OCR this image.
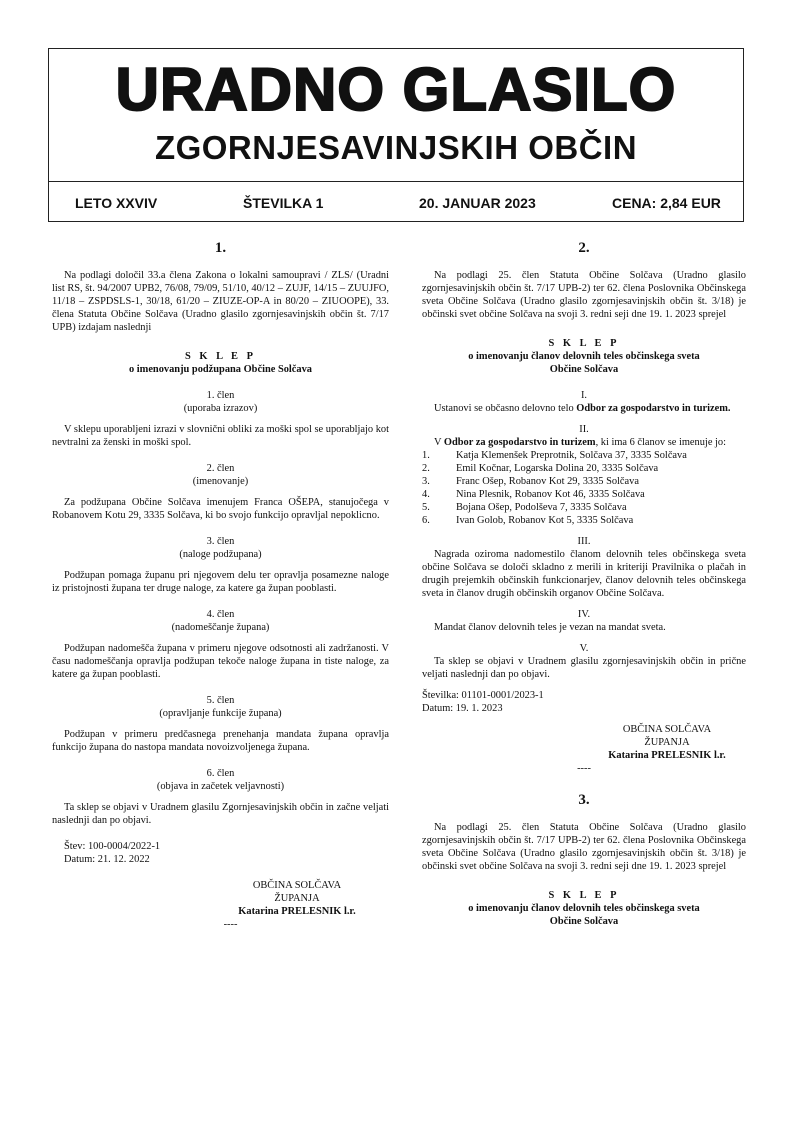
URADNO GLASILO
ZGORNJESAVINJSKIH OBČIN
LETO XXVIV	ŠTEVILKA 1	20. JANUAR 2023	CENA: 2,84 EUR
1.

Na podlagi določil 33.a člena Zakona o lokalni samoupravi / ZLS/ (Uradni list RS, št. 94/2007 UPB2, 76/08, 79/09, 51/10, 40/12 – ZUJF, 14/15 – ZUUJFO, 11/18 – ZSPDSLS-1, 30/18, 61/20 – ZIUZE-OP-A in 80/20 – ZIUOOPE), 33. člena Statuta Občine Solčava (Uradno glasilo zgornjesavinjskih občin št. 7/17 UPB) izdajam naslednji

S K L E P
o imenovanju podžupana Občine Solčava
1. člen
(uporaba izrazov)

V sklepu uporabljeni izrazi v slovnični obliki za moški spol se uporabljajo kot nevtralni za ženski in moški spol.

2. člen
(imenovanje)

Za podžupana Občine Solčava imenujem Franca OŠEPA, stanujočega v Robanovem Kotu 29, 3335 Solčava, ki bo svojo funkcijo opravljal nepoklicno.

3. člen
(naloge podžupana)

Podžupan pomaga županu pri njegovem delu ter opravlja posamezne naloge iz pristojnosti župana ter druge naloge, za katere ga župan pooblasti.

4. člen
(nadomeščanje župana)

Podžupan nadomešča župana v primeru njegove odsotnosti ali zadržanosti. V času nadomeščanja opravlja podžupan tekoče naloge župana in tiste naloge, za katere ga župan pooblasti.

5. člen
(opravljanje funkcije župana)

Podžupan v primeru predčasnega prenehanja mandata župana opravlja funkcijo župana do nastopa mandata novoizvoljenega župana.

6. člen
(objava in začetek veljavnosti)

Ta sklep se objavi v Uradnem glasilu Zgornjesavinjskih občin in začne veljati naslednji dan po objavi.

Štev: 100-0004/2022-1
Datum: 21. 12. 2022
OBČINA SOLČAVA
ŽUPANJA
Katarina PRELESNIK l.r.
----
2.

Na podlagi 25. člen Statuta Občine Solčava (Uradno glasilo zgornjesavinjskih občin št. 7/17 UPB-2) ter 62. člena Poslovnika Občinskega sveta Občine Solčava (Uradno glasilo zgornjesavinjskih občin št. 3/18) je občinski svet občine Solčava na svoji 3. redni seji dne 19. 1. 2023 sprejel

S K L E P
o imenovanju članov delovnih teles občinskega sveta
Občine Solčava
I.

Ustanovi se občasno delovno telo Odbor za gospodarstvo in turizem.

II.

V Odbor za gospodarstvo in turizem, ki ima 6 članov se imenuje jo:

1.	Katja Klemenšek Preprotnik, Solčava 37, 3335 Solčava
2.	Emil Kočnar, Logarska Dolina 20, 3335 Solčava
3.	Franc Ošep, Robanov Kot 29, 3335 Solčava
4.	Nina Plesnik, Robanov Kot 46, 3335 Solčava
5.	Bojana Ošep, Podolševa 7, 3335 Solčava
6.	Ivan Golob, Robanov Kot 5, 3335 Solčava
III.

Nagrada oziroma nadomestilo članom delovnih teles občinskega sveta občine Solčava se določi skladno z merili in kriteriji Pravilnika o plačah in drugih prejemkih občinskih funkcionarjev, članov delovnih teles občinskega sveta in članov drugih občinskih organov Občine Solčava.

IV.

Mandat članov delovnih teles je vezan na mandat sveta.

V.

Ta sklep se objavi v Uradnem glasilu zgornjesavinjskih občin in prične veljati naslednji dan po objavi.

Številka: 01101-0001/2023-1
Datum: 19. 1. 2023
OBČINA SOLČAVA
ŽUPANJA
Katarina PRELESNIK l.r.
----
3.

Na podlagi 25. člen Statuta Občine Solčava (Uradno glasilo zgornjesavinjskih občin št. 7/17 UPB-2) ter 62. člena Poslovnika Občinskega sveta Občine Solčava (Uradno glasilo zgornjesavinjskih občin št. 3/18) je občinski svet občine Solčava na svoji 3. redni seji dne 19. 1. 2023 sprejel

S K L E P
o imenovanju članov delovnih teles občinskega sveta
Občine Solčava
